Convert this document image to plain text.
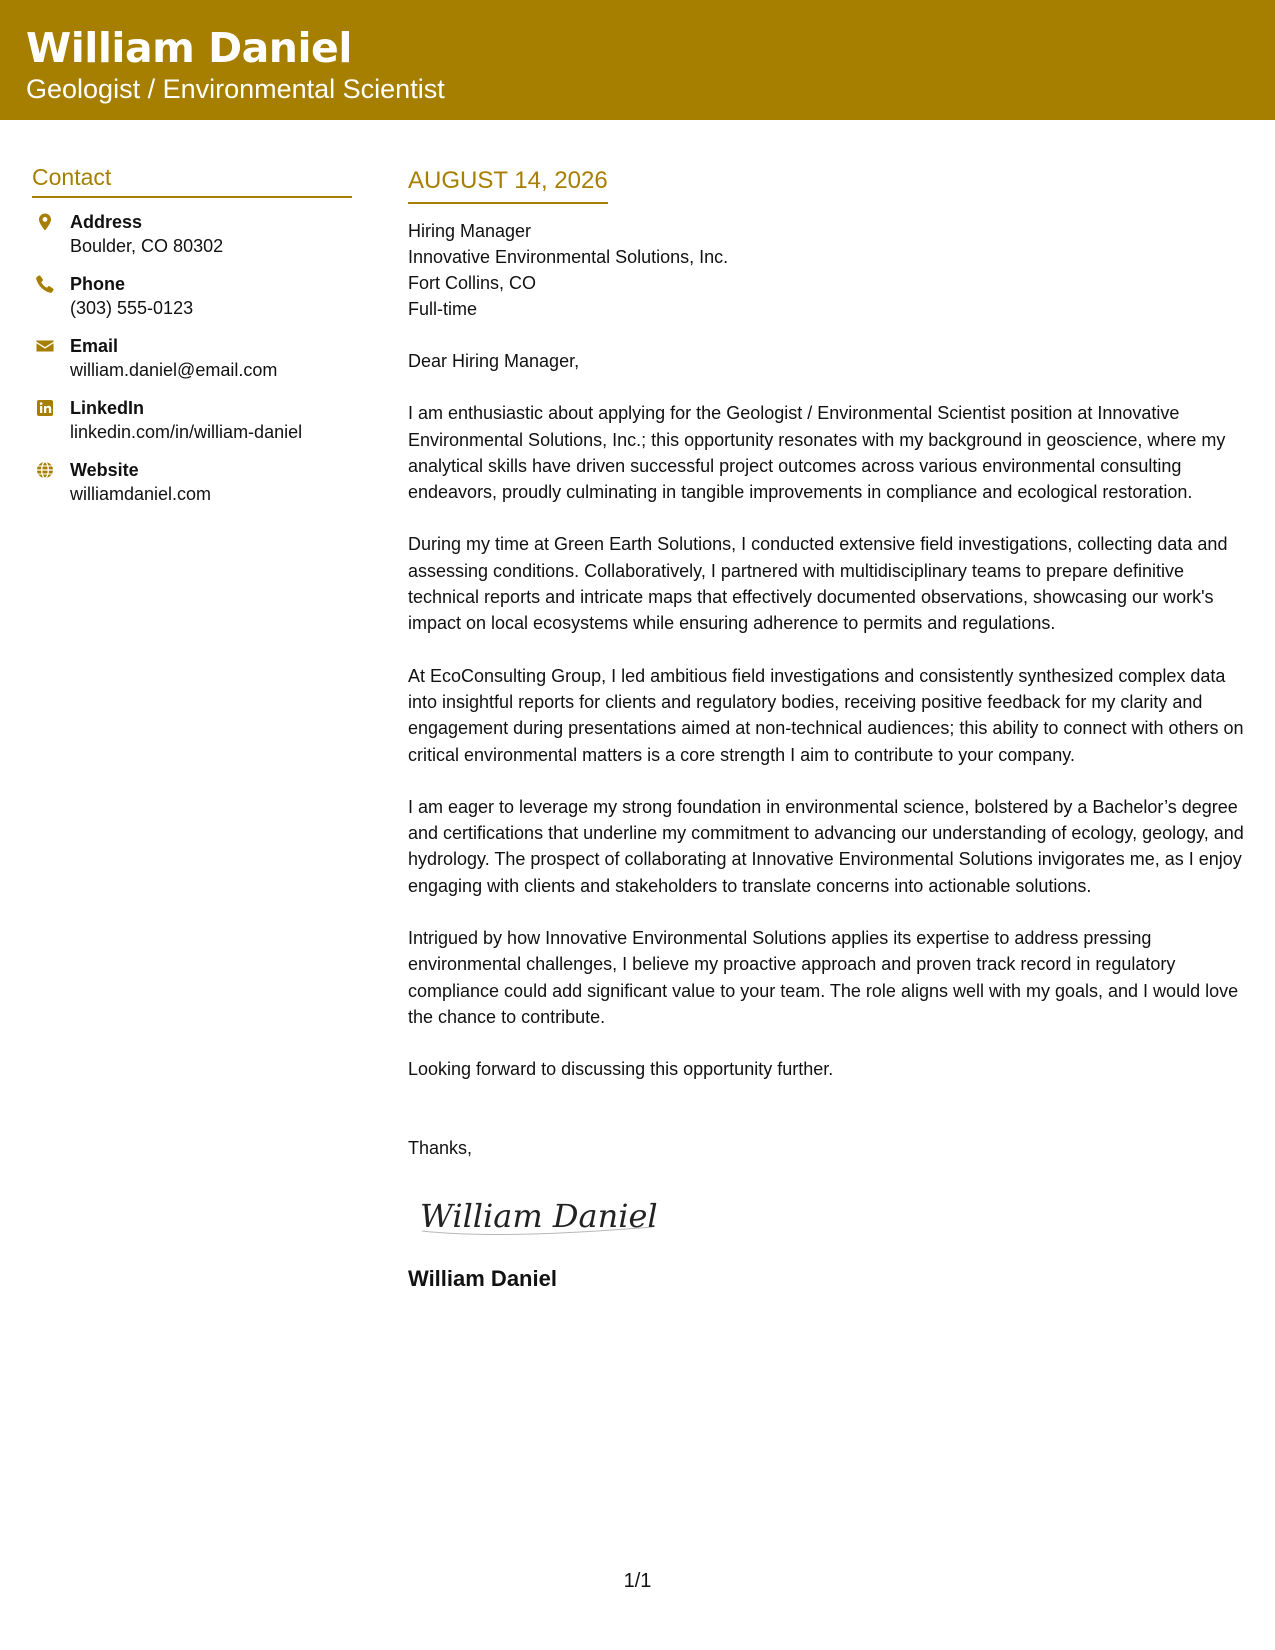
William Daniel
Geologist / Environmental Scientist
Contact
Address
Boulder, CO 80302
Phone
(303) 555-0123
Email
william.daniel@email.com
LinkedIn
linkedin.com/in/william-daniel
Website
williamdaniel.com
AUGUST 14, 2026
Hiring Manager
Innovative Environmental Solutions, Inc.
Fort Collins, CO
Full-time
Dear Hiring Manager,

I am enthusiastic about applying for the Geologist / Environmental Scientist position at Innovative Environmental Solutions, Inc.; this opportunity resonates with my background in geoscience, where my analytical skills have driven successful project outcomes across various environmental consulting endeavors, proudly culminating in tangible improvements in compliance and ecological restoration.

During my time at Green Earth Solutions, I conducted extensive field investigations, collecting data and assessing conditions. Collaboratively, I partnered with multidisciplinary teams to prepare definitive technical reports and intricate maps that effectively documented observations, showcasing our work's impact on local ecosystems while ensuring adherence to permits and regulations.

At EcoConsulting Group, I led ambitious field investigations and consistently synthesized complex data into insightful reports for clients and regulatory bodies, receiving positive feedback for my clarity and engagement during presentations aimed at non-technical audiences; this ability to connect with others on critical environmental matters is a core strength I aim to contribute to your company.

I am eager to leverage my strong foundation in environmental science, bolstered by a Bachelor’s degree and certifications that underline my commitment to advancing our understanding of ecology, geology, and hydrology. The prospect of collaborating at Innovative Environmental Solutions invigorates me, as I enjoy engaging with clients and stakeholders to translate concerns into actionable solutions.

Intrigued by how Innovative Environmental Solutions applies its expertise to address pressing environmental challenges, I believe my proactive approach and proven track record in regulatory compliance could add significant value to your team. The role aligns well with my goals, and I would love the chance to contribute.

Looking forward to discussing this opportunity further.

Thanks,
William Daniel
William Daniel
1/1
